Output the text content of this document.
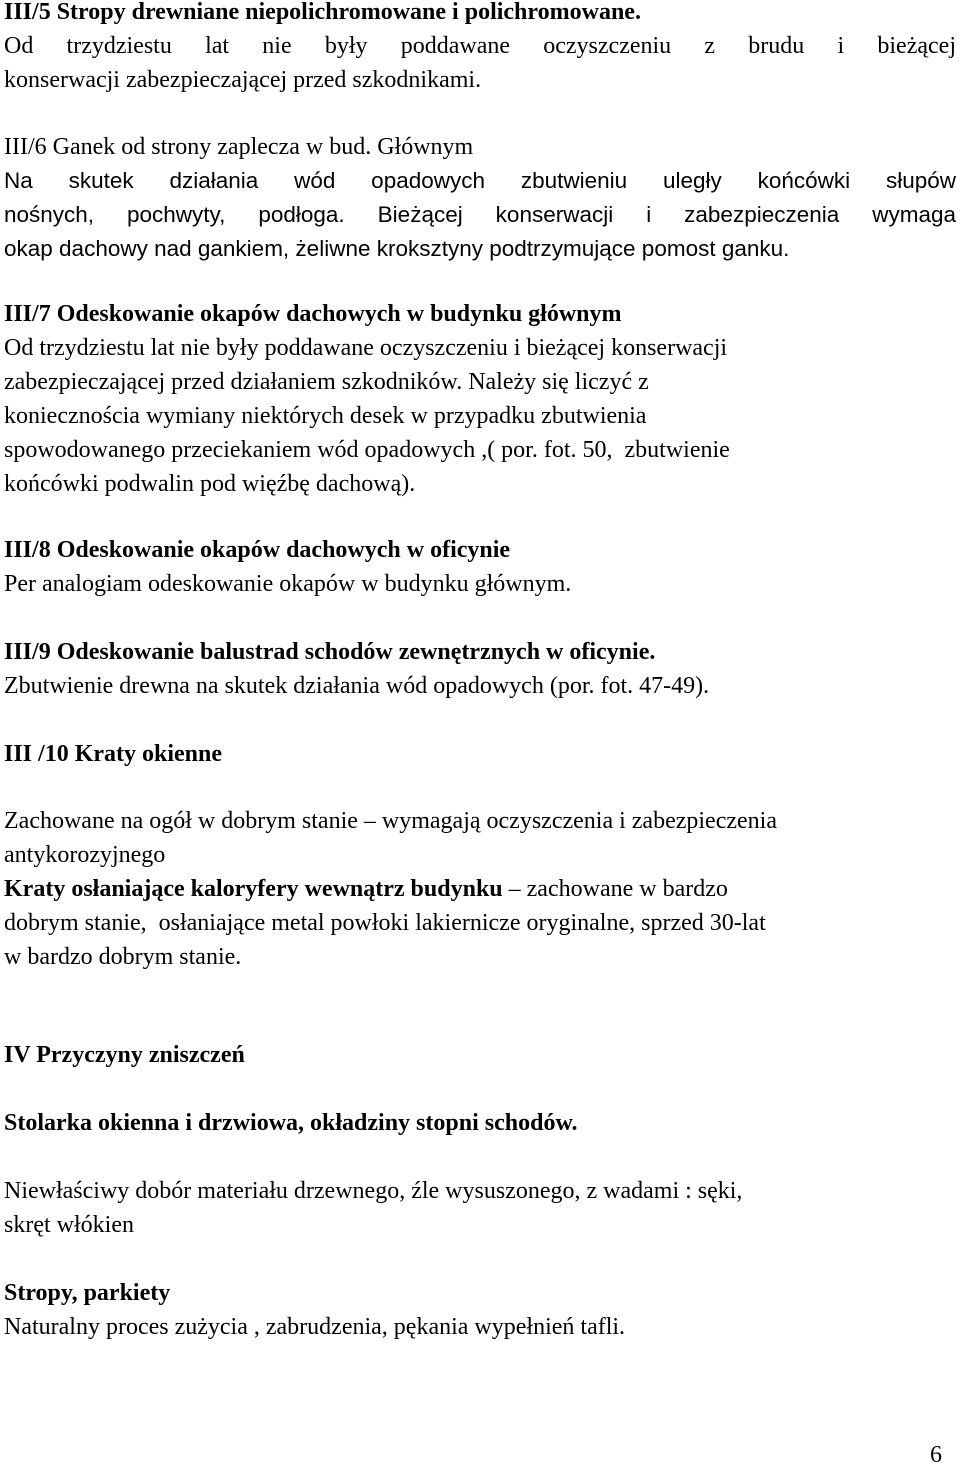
III/5 Stropy drewniane niepolichromowane i polichromowane.
Od trzydziestu lat nie były poddawane oczyszczeniu z brudu i bieżącej
konserwacji zabezpieczającej przed szkodnikami.
III/6 Ganek od strony zaplecza w bud. Głównym
Na skutek działania wód opadowych zbutwieniu uległy końcówki słupów
nośnych, pochwyty, podłoga. Bieżącej konserwacji i zabezpieczenia wymaga
okap dachowy nad gankiem, żeliwne kroksztyny podtrzymujące pomost ganku.
III/7 Odeskowanie okapów dachowych w budynku głównym
Od trzydziestu lat nie były poddawane oczyszczeniu i bieżącej konserwacji
zabezpieczającej przed działaniem szkodników. Należy się liczyć z
koniecznościa wymiany niektórych desek w przypadku zbutwienia
spowodowanego przeciekaniem wód opadowych ,( por. fot. 50,  zbutwienie
końcówki podwalin pod więźbę dachową).
III/8 Odeskowanie okapów dachowych w oficynie
Per analogiam odeskowanie okapów w budynku głównym.
III/9 Odeskowanie balustrad schodów zewnętrznych w oficynie.
Zbutwienie drewna na skutek działania wód opadowych (por. fot. 47-49).
III /10 Kraty okienne
Zachowane na ogół w dobrym stanie – wymagają oczyszczenia i zabezpieczenia
antykorozyjnego
Kraty osłaniające kaloryfery wewnątrz budynku – zachowane w bardzo
dobrym stanie,  osłaniające metal powłoki lakiernicze oryginalne, sprzed 30-lat
w bardzo dobrym stanie.
IV Przyczyny zniszczeń
Stolarka okienna i drzwiowa, okładziny stopni schodów.
Niewłaściwy dobór materiału drzewnego, źle wysuszonego, z wadami : sęki,
skręt włókien
Stropy, parkiety
Naturalny proces zużycia , zabrudzenia, pękania wypełnień tafli.
6
